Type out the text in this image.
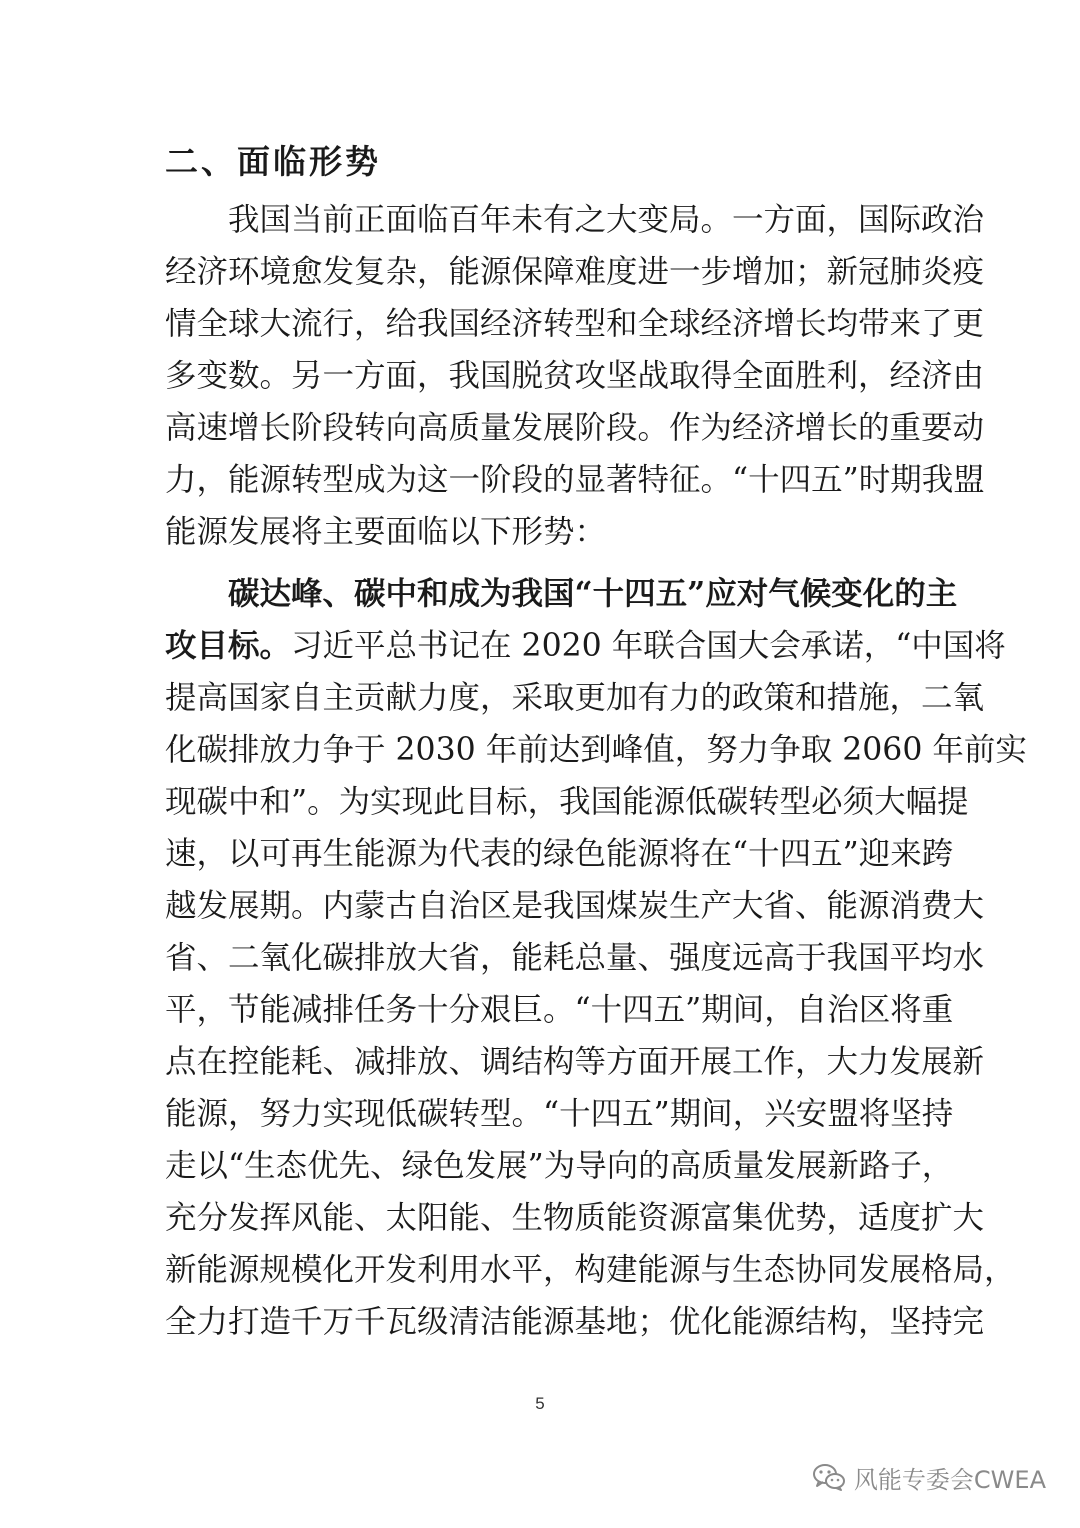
二、面临形势
我国当前正面临百年未有之大变局。一方面，国际政治
经济环境愈发复杂，能源保障难度进一步增加；新冠肺炎疫
情全球大流行，给我国经济转型和全球经济增长均带来了更
多变数。另一方面，我国脱贫攻坚战取得全面胜利，经济由
高速增长阶段转向高质量发展阶段。作为经济增长的重要动
力，能源转型成为这一阶段的显著特征。“十四五”时期我盟
能源发展将主要面临以下形势：
碳达峰、碳中和成为我国“十四五”应对气候变化的主
攻目标。习近平总书记在 2020 年联合国大会承诺，“中国将
提高国家自主贡献力度，采取更加有力的政策和措施，二氧
化碳排放力争于 2030 年前达到峰值，努力争取 2060 年前实
现碳中和”。为实现此目标，我国能源低碳转型必须大幅提
速，以可再生能源为代表的绿色能源将在“十四五”迎来跨
越发展期。内蒙古自治区是我国煤炭生产大省、能源消费大
省、二氧化碳排放大省，能耗总量、强度远高于我国平均水
平，节能减排任务十分艰巨。“十四五”期间，自治区将重
点在控能耗、减排放、调结构等方面开展工作，大力发展新
能源，努力实现低碳转型。“十四五”期间，兴安盟将坚持
走以“生态优先、绿色发展”为导向的高质量发展新路子，
充分发挥风能、太阳能、生物质能资源富集优势，适度扩大
新能源规模化开发利用水平，构建能源与生态协同发展格局，
全力打造千万千瓦级清洁能源基地；优化能源结构，坚持完
5
风能专委会CWEA
